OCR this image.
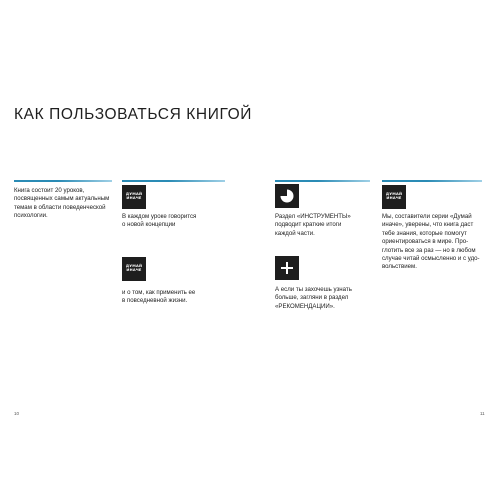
КАК ПОЛЬЗОВАТЬСЯ КНИГОЙ
Книга состоит 20 уроков,
посвященных самым актуальным
темам в области поведенческой
психологии.
ДУМАЙ
ИНАЧЕ
В каждом уроке говорится
о новой концепции
ДУМАЙ
ИНАЧЕ
и о том, как применить ее
в повседневной жизни.
Раздел «ИНСТРУМЕНТЫ»
подводит краткие итоги
каждой части.
А если ты захочешь узнать
больше, загляни в раздел
«РЕКОМЕНДАЦИИ».
ДУМАЙ
ИНАЧЕ
Мы, составители серии «Думай
иначе», уверены, что книга даст
тебе знания, которые помогут
ориентироваться в мире. Про-
глотить все за раз — но в любом
случае читай осмысленно и с удо-
вольствием.
10	11
